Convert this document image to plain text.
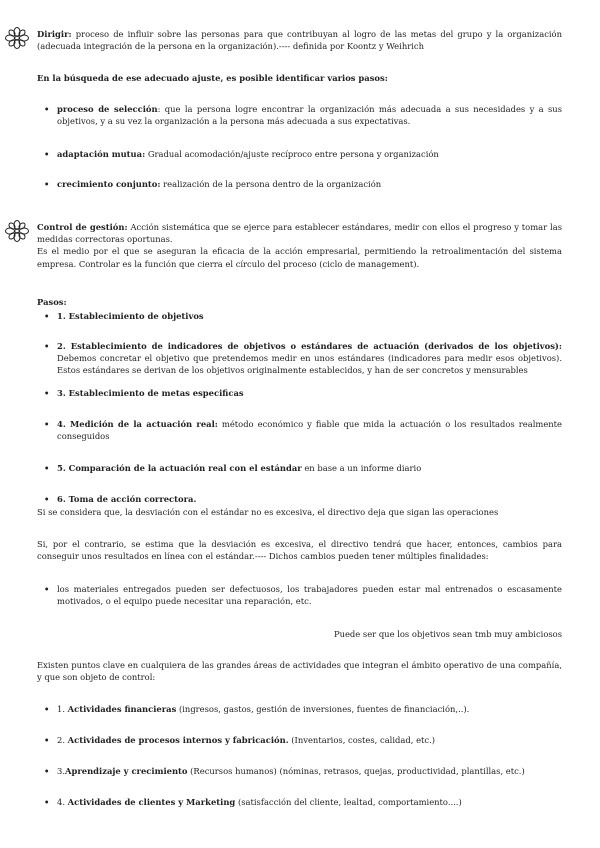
Dirigir: proceso de influir sobre las personas para que contribuyan al logro de las metas del grupo y la organización (adecuada integración de la persona en la organización).---- definida por Koontz y Weihrich

En la búsqueda de ese adecuado ajuste, es posible identificar varios pasos:

• proceso de selección: que la persona logre encontrar la organización más adecuada a sus necesidades y a sus objetivos, y a su vez la organización a la persona más adecuada a sus expectativas.
• adaptación mutua: Gradual acomodación/ajuste recíproco entre persona y organización
• crecimiento conjunto: realización de la persona dentro de la organización

Control de gestión: Acción sistemática que se ejerce para establecer estándares, medir con ellos el progreso y tomar las medidas correctoras oportunas.

Es el medio por el que se aseguran la eficacia de la acción empresarial, permitiendo la retroalimentación del sistema empresa. Controlar es la función que cierra el círculo del proceso (ciclo de management).

Pasos:

• 1. Establecimiento de objetivos
• 2. Establecimiento de indicadores de objetivos o estándares de actuación (derivados de los objetivos): Debemos concretar el objetivo que pretendemos medir en unos estándares (indicadores para medir esos objetivos). Estos estándares se derivan de los objetivos originalmente establecidos, y han de ser concretos y mensurables
• 3. Establecimiento de metas especificas
• 4. Medición de la actuación real: método económico y fiable que mida la actuación o los resultados realmente conseguidos
• 5. Comparación de la actuación real con el estándar en base a un informe diario
• 6. Toma de acción correctora.

Si se considera que, la desviación con el estándar no es excesiva, el directivo deja que sigan las operaciones

Si, por el contrario, se estima que la desviación es excesiva, el directivo tendrá que hacer, entonces, cambios para conseguir unos resultados en línea con el estándar.---- Dichos cambios pueden tener múltiples finalidades:

• los materiales entregados pueden ser defectuosos, los trabajadores pueden estar mal entrenados o escasamente motivados, o el equipo puede necesitar una reparación, etc.

Puede ser que los objetivos sean tmb muy ambiciosos

Existen puntos clave en cualquiera de las grandes áreas de actividades que integran el ámbito operativo de una compañía, y que son objeto de control:

• 1. Actividades financieras (ingresos, gastos, gestión de inversiones, fuentes de financiación,..).
• 2. Actividades de procesos internos y fabricación. (Inventarios, costes, calidad, etc.)
• 3.Aprendizaje y crecimiento (Recursos humanos) (nóminas, retrasos, quejas, productividad, plantillas, etc.)
• 4. Actividades de clientes y Marketing (satisfacción del cliente, lealtad, comportamiento....)
